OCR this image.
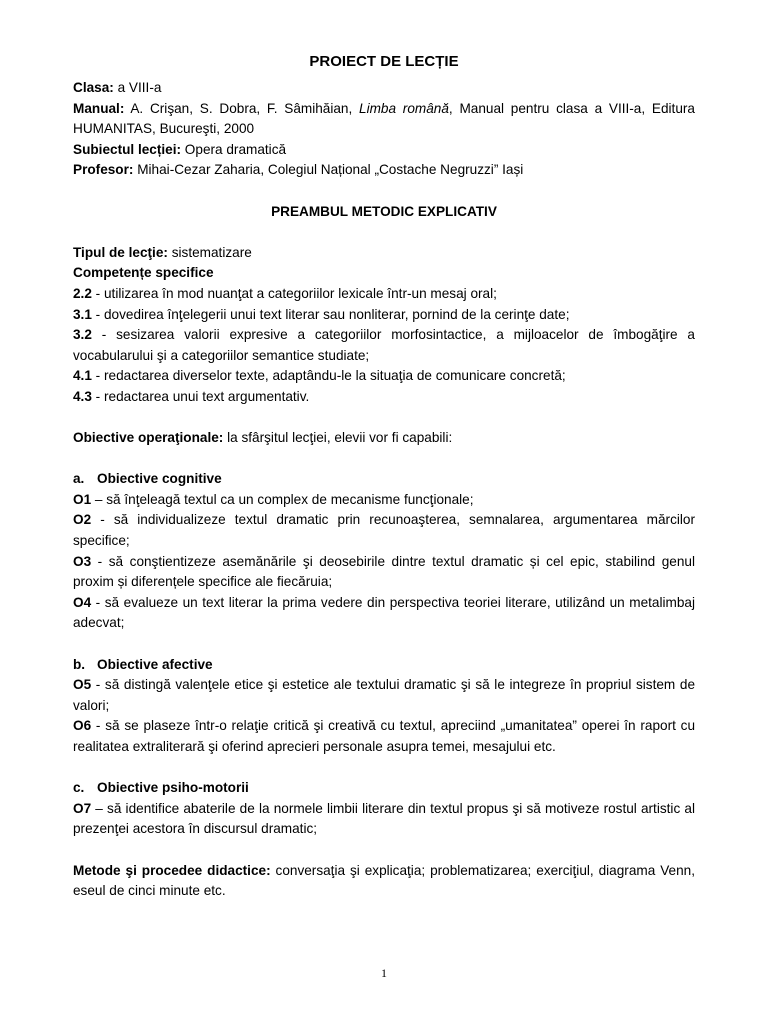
PROIECT DE LECȚIE

Clasa: a VIII-a

Manual: A. Crişan, S. Dobra, F. Sâmihăian, Limba română, Manual pentru clasa a VIII-a, Editura HUMANITAS, Bucureşti, 2000

Subiectul lecției: Opera dramatică

Profesor: Mihai-Cezar Zaharia, Colegiul Național „Costache Negruzzi” Iași

PREAMBUL METODIC EXPLICATIV

Tipul de lecţie: sistematizare

Competențe specifice

2.2 - utilizarea în mod nuanţat a categoriilor lexicale într-un mesaj oral;

3.1 - dovedirea înţelegerii unui text literar sau nonliterar, pornind de la cerinţe date;

3.2 - sesizarea valorii expresive a categoriilor morfosintactice, a mijloacelor de îmbogăţire a vocabularului şi a categoriilor semantice studiate;

4.1 - redactarea diverselor texte, adaptându-le la situaţia de comunicare concretă;

4.3 - redactarea unui text argumentativ.

Obiective operaţionale: la sfârşitul lecţiei, elevii vor fi capabili:

a. Obiective cognitive

O1 – să înţeleagă textul ca un complex de mecanisme funcţionale;

O2 - să individualizeze textul dramatic prin recunoaşterea, semnalarea, argumentarea mărcilor specifice;

O3 - să conştientizeze asemănările şi deosebirile dintre textul dramatic și cel epic, stabilind genul proxim și diferențele specifice ale fiecăruia;

O4 - să evalueze un text literar la prima vedere din perspectiva teoriei literare, utilizând un metalimbaj adecvat;

b. Obiective afective

O5 - să distingă valenţele etice şi estetice ale textului dramatic şi să le integreze în propriul sistem de valori;

O6 - să se plaseze într-o relaţie critică şi creativă cu textul, apreciind „umanitatea” operei în raport cu realitatea extraliterară şi oferind aprecieri personale asupra temei, mesajului etc.

c. Obiective psiho-motorii

O7 – să identifice abaterile de la normele limbii literare din textul propus şi să motiveze rostul artistic al prezenţei acestora în discursul dramatic;

Metode şi procedee didactice: conversaţia şi explicaţia; problematizarea; exerciţiul, diagrama Venn, eseul de cinci minute etc.

1
